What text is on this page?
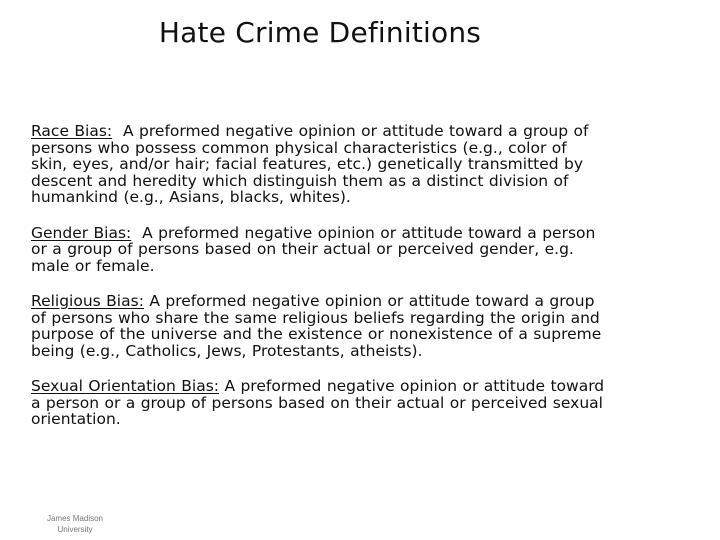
Hate Crime Definitions

Race Bias: A preformed negative opinion or attitude toward a group of persons who possess common physical characteristics (e.g., color of skin, eyes, and/or hair; facial features, etc.) genetically transmitted by descent and heredity which distinguish them as a distinct division of humankind (e.g., Asians, blacks, whites).

Gender Bias: A preformed negative opinion or attitude toward a person or a group of persons based on their actual or perceived gender, e.g. male or female.

Religious Bias: A preformed negative opinion or attitude toward a group of persons who share the same religious beliefs regarding the origin and purpose of the universe and the existence or nonexistence of a supreme being (e.g., Catholics, Jews, Protestants, atheists).

Sexual Orientation Bias: A preformed negative opinion or attitude toward a person or a group of persons based on their actual or perceived sexual orientation.

James Madison
University
